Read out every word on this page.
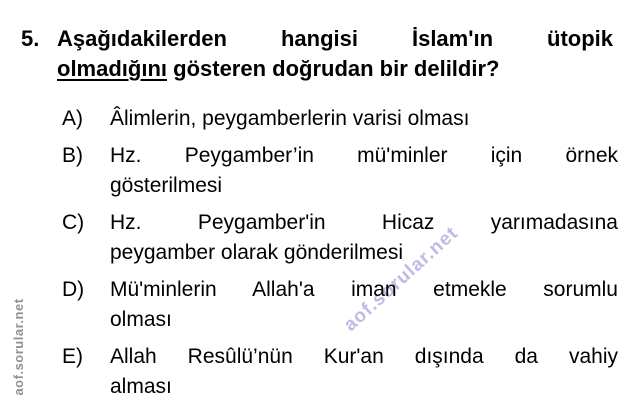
aof.sorular.net
aof.sorular.net
5. Aşağıdakilerden hangisi İslam'ın ütopik
olmadığını gösteren doğrudan bir delildir?
A)	Âlimlerin, peygamberlerin varisi olması
B)	Hz. Peygamber’in mü'minler için örnek
gösterilmesi
C)	Hz. Peygamber'in Hicaz yarımadasına
peygamber olarak gönderilmesi
D)	Mü'minlerin Allah'a iman etmekle sorumlu
olması
E)	Allah Resûlü’nün Kur'an dışında da vahiy
alması
